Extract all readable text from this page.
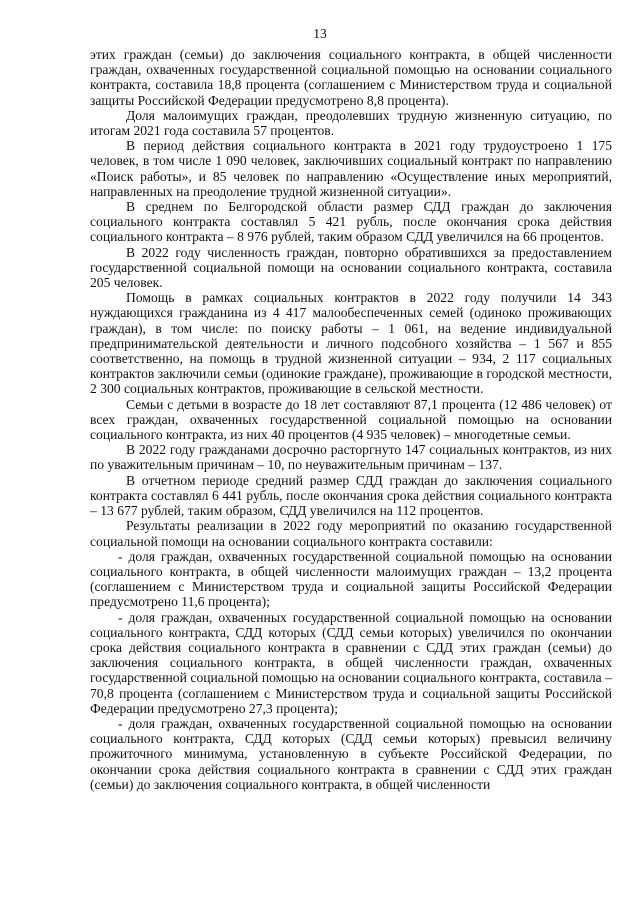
13

этих граждан (семьи) до заключения социального контракта, в общей численности граждан, охваченных государственной социальной помощью на основании социального контракта, составила 18,8 процента (соглашением с Министерством труда и социальной защиты Российской Федерации предусмотрено 8,8 процента).

Доля малоимущих граждан, преодолевших трудную жизненную ситуацию, по итогам 2021 года составила 57 процентов.

В период действия социального контракта в 2021 году трудоустроено 1 175 человек, в том числе 1 090 человек, заключивших социальный контракт по направлению «Поиск работы», и 85 человек по направлению «Осуществление иных мероприятий, направленных на преодоление трудной жизненной ситуации».

В среднем по Белгородской области размер СДД граждан до заключения социального контракта составлял 5 421 рубль, после окончания срока действия социального контракта – 8 976 рублей, таким образом СДД увеличился на 66 процентов.

В 2022 году численность граждан, повторно обратившихся за предоставлением государственной социальной помощи на основании социального контракта, составила 205 человек.

Помощь в рамках социальных контрактов в 2022 году получили 14 343 нуждающихся гражданина из 4 417 малообеспеченных семей (одиноко проживающих граждан), в том числе: по поиску работы – 1 061, на ведение индивидуальной предпринимательской деятельности и личного подсобного хозяйства – 1 567 и 855 соответственно, на помощь в трудной жизненной ситуации – 934, 2 117 социальных контрактов заключили семьи (одинокие граждане), проживающие в городской местности, 2 300 социальных контрактов, проживающие в сельской местности.

Семьи с детьми в возрасте до 18 лет составляют 87,1 процента (12 486 человек) от всех граждан, охваченных государственной социальной помощью на основании социального контракта, из них 40 процентов (4 935 человек) – многодетные семьи.

В 2022 году гражданами досрочно расторгнуто 147 социальных контрактов, из них по уважительным причинам – 10, по неуважительным причинам – 137.

В отчетном периоде средний размер СДД граждан до заключения социального контракта составлял 6 441 рубль, после окончания срока действия социального контракта – 13 677 рублей, таким образом, СДД увеличился на 112 процентов.

Результаты реализации в 2022 году мероприятий по оказанию государственной социальной помощи на основании социального контракта составили:

- доля граждан, охваченных государственной социальной помощью на основании социального контракта, в общей численности малоимущих граждан – 13,2 процента (соглашением с Министерством труда и социальной защиты Российской Федерации предусмотрено 11,6 процента);

- доля граждан, охваченных государственной социальной помощью на основании социального контракта, СДД которых (СДД семьи которых) увеличился по окончании срока действия социального контракта в сравнении с СДД этих граждан (семьи) до заключения социального контракта, в общей численности граждан, охваченных государственной социальной помощью на основании социального контракта, составила – 70,8 процента (соглашением с Министерством труда и социальной защиты Российской Федерации предусмотрено 27,3 процента);

- доля граждан, охваченных государственной социальной помощью на основании социального контракта, СДД которых (СДД семьи которых) превысил величину прожиточного минимума, установленную в субъекте Российской Федерации, по окончании срока действия социального контракта в сравнении с СДД этих граждан (семьи) до заключения социального контракта, в общей численности
